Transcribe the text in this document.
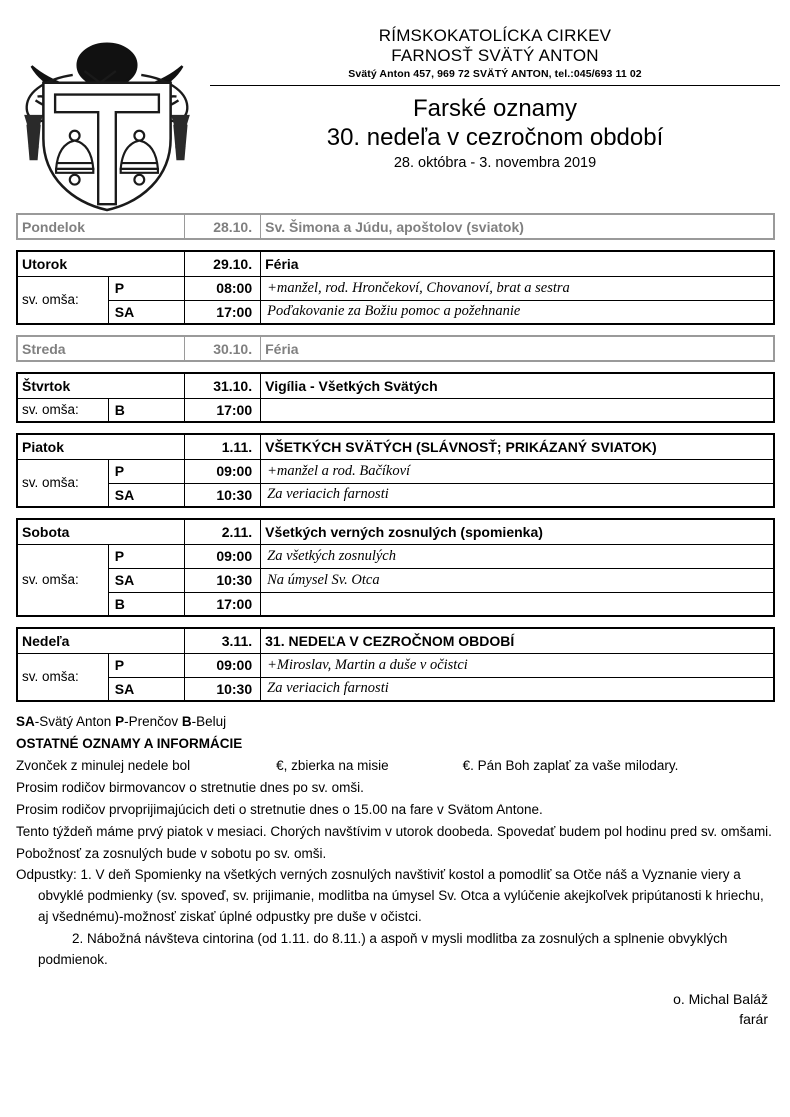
RÍMSKOKATOLÍCKA CIRKEV
FARNOSŤ SVÄTÝ ANTON
Svätý Anton 457, 969 72 SVÄTÝ ANTON, tel.:045/693 11 02
Farské oznamy
30. nedeľa v cezročnom období
28. októbra - 3. novembra 2019
Pondelok	28.10.	Sv. Šimona a Júdu, apoštolov (sviatok)
Utorok		29.10.	Féria
sv. omša:	P	08:00	+manžel, rod. Hrončekoví, Chovanoví, brat a sestra
	SA	17:00	Poďakovanie za Božiu pomoc a požehnanie
Streda	30.10.	Féria
Štvrtok		31.10.	Vigília - Všetkých Svätých
sv. omša:	B	17:00	
Piatok		1.11.	VŠETKÝCH SVÄTÝCH (SLÁVNOSŤ; PRIKÁZANÝ SVIATOK)
sv. omša:	P	09:00	+manžel a rod. Bačíkoví
	SA	10:30	Za veriacich farnosti
Sobota		2.11.	Všetkých verných zosnulých (spomienka)
sv. omša:	P	09:00	Za všetkých zosnulých
	SA	10:30	Na úmysel Sv. Otca
	B	17:00	
Nedeľa		3.11.	31. NEDEĽA V CEZROČNOM OBDOBÍ
sv. omša:	P	09:00	+Miroslav, Martin a duše v očistci
	SA	10:30	Za veriacich farnosti
SA-Svätý Anton P-Prenčov B-Beluj
OSTATNÉ OZNAMY A INFORMÁCIE
Zvonček z minulej nedele bol	€, zbierka na misie	€. Pán Boh zaplať za vaše milodary.
Prosim rodičov birmovancov o stretnutie dnes po sv. omši.
Prosim rodičov prvoprijimajúcich deti o stretnutie dnes o 15.00 na fare v Svätom Antone.
Tento týždeň máme prvý piatok v mesiaci. Chorých navštívim v utorok doobeda. Spovedať budem pol hodinu pred sv. omšami.
Pobožnosť za zosnulých bude v sobotu po sv. omši.
Odpustky: 1. V deň Spomienky na všetkých verných zosnulých navštiviť kostol a pomodliť sa Otče náš a Vyznanie viery a obvyklé podmienky (sv. spoveď, sv. prijimanie, modlitba na úmysel Sv. Otca a vylúčenie akejkoľvek pripútanosti k hriechu, aj všednému)-možnosť ziskať úplné odpustky pre duše v očistci.
2. Nábožná návšteva cintorina (od 1.11. do 8.11.) a aspoň v mysli modlitba za zosnulých a splnenie obvyklých podmienok.
o. Michal Baláž
farár
